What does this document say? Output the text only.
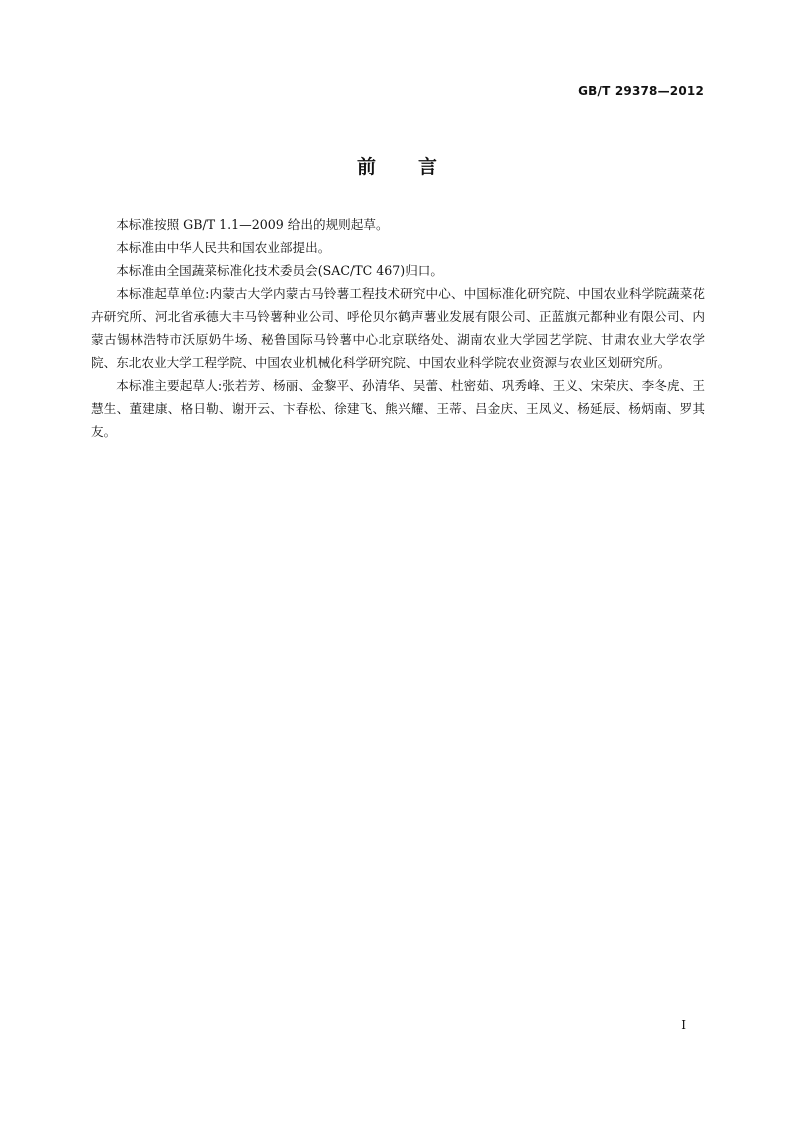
GB/T 29378—2012
前 言

本标准按照 GB/T 1.1—2009 给出的规则起草。

本标准由中华人民共和国农业部提出。

本标准由全国蔬菜标准化技术委员会(SAC/TC 467)归口。

本标准起草单位:内蒙古大学内蒙古马铃薯工程技术研究中心、中国标准化研究院、中国农业科学院蔬菜花卉研究所、河北省承德大丰马铃薯种业公司、呼伦贝尔鹤声薯业发展有限公司、正蓝旗元都种业有限公司、内蒙古锡林浩特市沃原奶牛场、秘鲁国际马铃薯中心北京联络处、湖南农业大学园艺学院、甘肃农业大学农学院、东北农业大学工程学院、中国农业机械化科学研究院、中国农业科学院农业资源与农业区划研究所。

本标准主要起草人:张若芳、杨丽、金黎平、孙清华、吴蕾、杜密茹、巩秀峰、王义、宋荣庆、李冬虎、王慧生、董建康、格日勒、谢开云、卞春松、徐建飞、熊兴耀、王蒂、吕金庆、王凤义、杨延辰、杨炳南、罗其友。

I
